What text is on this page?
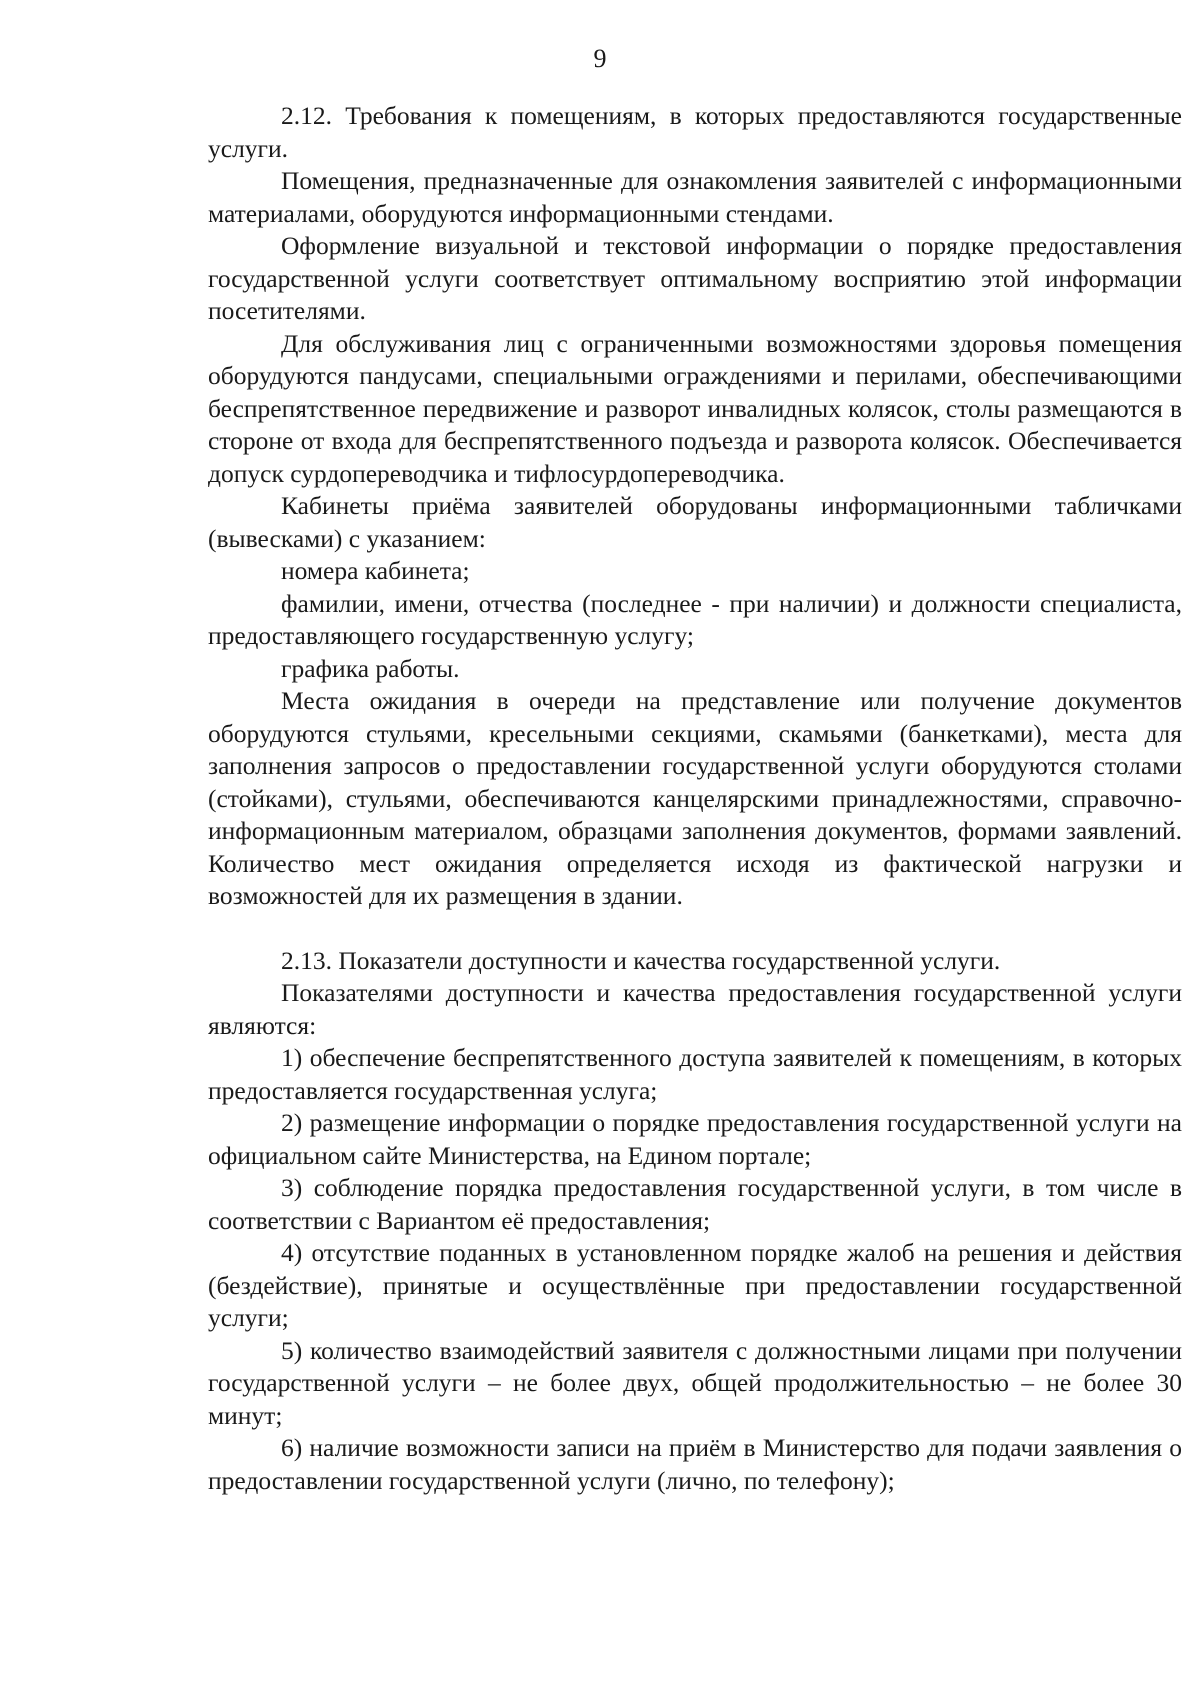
9

2.12. Требования к помещениям, в которых предоставляются государственные услуги.

Помещения, предназначенные для ознакомления заявителей с информационными материалами, оборудуются информационными стендами.

Оформление визуальной и текстовой информации о порядке предоставления государственной услуги соответствует оптимальному восприятию этой информации посетителями.

Для обслуживания лиц с ограниченными возможностями здоровья помещения оборудуются пандусами, специальными ограждениями и перилами, обеспечивающими беспрепятственное передвижение и разворот инвалидных колясок, столы размещаются в стороне от входа для беспрепятственного подъезда и разворота колясок. Обеспечивается допуск сурдопереводчика и тифлосурдопереводчика.

Кабинеты приёма заявителей оборудованы информационными табличками (вывесками) с указанием:

номера кабинета;

фамилии, имени, отчества (последнее - при наличии) и должности специалиста, предоставляющего государственную услугу;

графика работы.

Места ожидания в очереди на представление или получение документов оборудуются стульями, кресельными секциями, скамьями (банкетками), места для заполнения запросов о предоставлении государственной услуги оборудуются столами (стойками), стульями, обеспечиваются канцелярскими принадлежностями, справочно-информационным материалом, образцами заполнения документов, формами заявлений. Количество мест ожидания определяется исходя из фактической нагрузки и возможностей для их размещения в здании.

2.13. Показатели доступности и качества государственной услуги.

Показателями доступности и качества предоставления государственной услуги являются:

1) обеспечение беспрепятственного доступа заявителей к помещениям, в которых предоставляется государственная услуга;

2) размещение информации о порядке предоставления государственной услуги на официальном сайте Министерства, на Едином портале;

3) соблюдение порядка предоставления государственной услуги, в том числе в соответствии с Вариантом её предоставления;

4) отсутствие поданных в установленном порядке жалоб на решения и действия (бездействие), принятые и осуществлённые при предоставлении государственной услуги;

5) количество взаимодействий заявителя с должностными лицами при получении государственной услуги – не более двух, общей продолжительностью – не более 30 минут;

6) наличие возможности записи на приём в Министерство для подачи заявления о предоставлении государственной услуги (лично, по телефону);
